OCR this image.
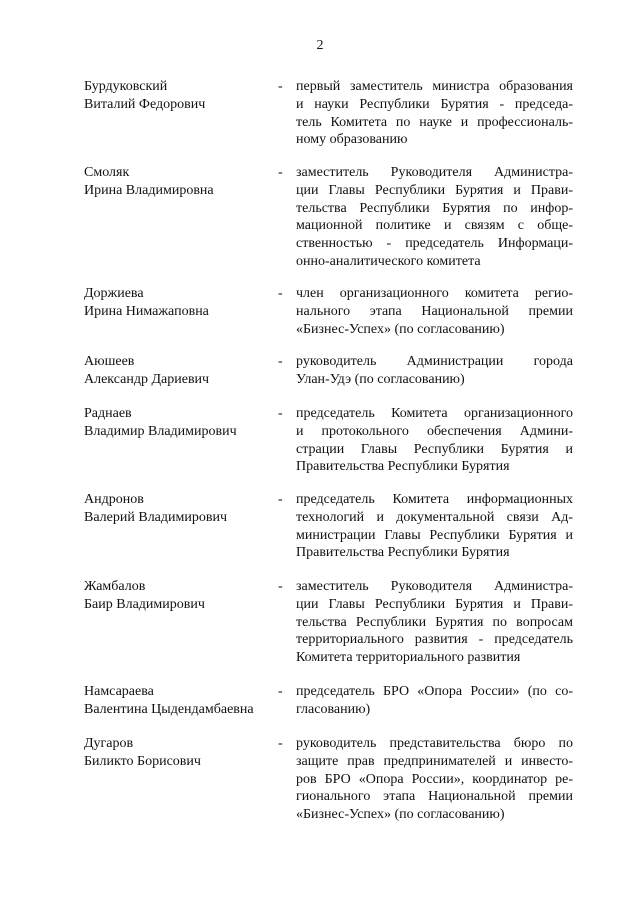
2
Бурдуковский
Виталий Федорович
- первый заместитель министра образования
и науки Республики Бурятия - председа-
тель Комитета по науке и профессиональ-
ному образованию
Смоляк
Ирина Владимировна
- заместитель Руководителя Администра-
ции Главы Республики Бурятия и Прави-
тельства Республики Бурятия по инфор-
мационной политике и связям с обще-
ственностью - председатель Информаци-
онно-аналитического комитета
Доржиева
Ирина Нимажаповна
- член организационного комитета регио-
нального этапа Национальной премии
«Бизнес-Успех» (по согласованию)
Аюшеев
Александр Дариевич
- руководитель Администрации города
Улан-Удэ (по согласованию)
Раднаев
Владимир Владимирович
- председатель Комитета организационного
и протокольного обеспечения Админи-
страции Главы Республики Бурятия и
Правительства Республики Бурятия
Андронов
Валерий Владимирович
- председатель Комитета информационных
технологий и документальной связи Ад-
министрации Главы Республики Бурятия и
Правительства Республики Бурятия
Жамбалов
Баир Владимирович
- заместитель Руководителя Администра-
ции Главы Республики Бурятия и Прави-
тельства Республики Бурятия по вопросам
территориального развития - председатель
Комитета территориального развития
Намсараева
Валентина Цыдендамбаевна
- председатель БРО «Опора России» (по со-
гласованию)
Дугаров
Биликто Борисович
- руководитель представительства бюро по
защите прав предпринимателей и инвесто-
ров БРО «Опора России», координатор ре-
гионального этапа Национальной премии
«Бизнес-Успех» (по согласованию)
